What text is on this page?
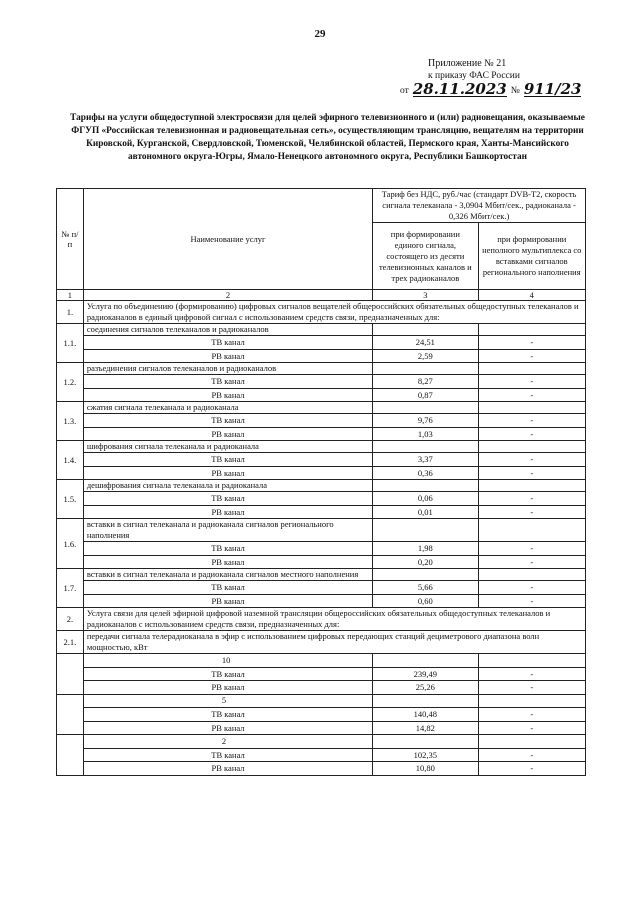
29
Приложение № 21
к приказу ФАС России
от 28.11.2023 № 911/23
Тарифы на услуги общедоступной электросвязи для целей эфирного телевизионного и (или) радиовещания, оказываемые ФГУП «Российская телевизионная и радиовещательная сеть», осуществляющим трансляцию, вещателям на территории Кировской, Курганской, Свердловской, Тюменской, Челябинской областей, Пермского края, Ханты-Мансийского автономного округа-Югры, Ямало-Ненецкого автономного округа, Республики Башкортостан
№ п/п	Наименование услуг	Тариф без НДС, руб./час (стандарт DVB-T2, скорость сигнала телеканала - 3,0904 Мбит/сек., радиоканала - 0,326 Мбит/сек.)	
		при формировании единого сигнала, состоящего из десяти телевизионных каналов и трех радиоканалов	при формировании неполного мультиплекса со вставками сигналов регионального наполнения
1	2	3	4
1.	Услуга по объединению (формированию) цифровых сигналов вещателей общероссийских обязательных общедоступных телеканалов и радиоканалов в единый цифровой сигнал с использованием средств связи, предназначенных для:		
1.1.	соединения сигналов телеканалов и радиоканалов		
	ТВ канал	24,51	-
	РВ канал	2,59	-
1.2.	разъединения сигналов телеканалов и радиоканалов		
	ТВ канал	8,27	-
	РВ канал	0,87	-
1.3.	сжатия сигнала телеканала и радиоканала		
	ТВ канал	9,76	-
	РВ канал	1,03	-
1.4.	шифрования сигнала телеканала и радиоканала		
	ТВ канал	3,37	-
	РВ канал	0,36	-
1.5.	дешифрования сигнала телеканала и радиоканала		
	ТВ канал	0,06	-
	РВ канал	0,01	-
1.6.	вставки в сигнал телеканала и радиоканала сигналов регионального наполнения		
	ТВ канал	1,98	-
	РВ канал	0,20	-
1.7.	вставки в сигнал телеканала и радиоканала сигналов местного наполнения		
	ТВ канал	5,66	-
	РВ канал	0,60	-
2.	Услуга связи для целей эфирной цифровой наземной трансляции общероссийских обязательных общедоступных телеканалов и радиоканалов с использованием средств связи, предназначенных для:		
2.1.	передачи сигнала телерадиоканала в эфир с использованием цифровых передающих станций дециметрового диапазона волн мощностью, кВт		
	10		
	ТВ канал	239,49	-
	РВ канал	25,26	-
	5		
	ТВ канал	140,48	-
	РВ канал	14,82	-
	2		
	ТВ канал	102,35	-
	РВ канал	10,80	-
